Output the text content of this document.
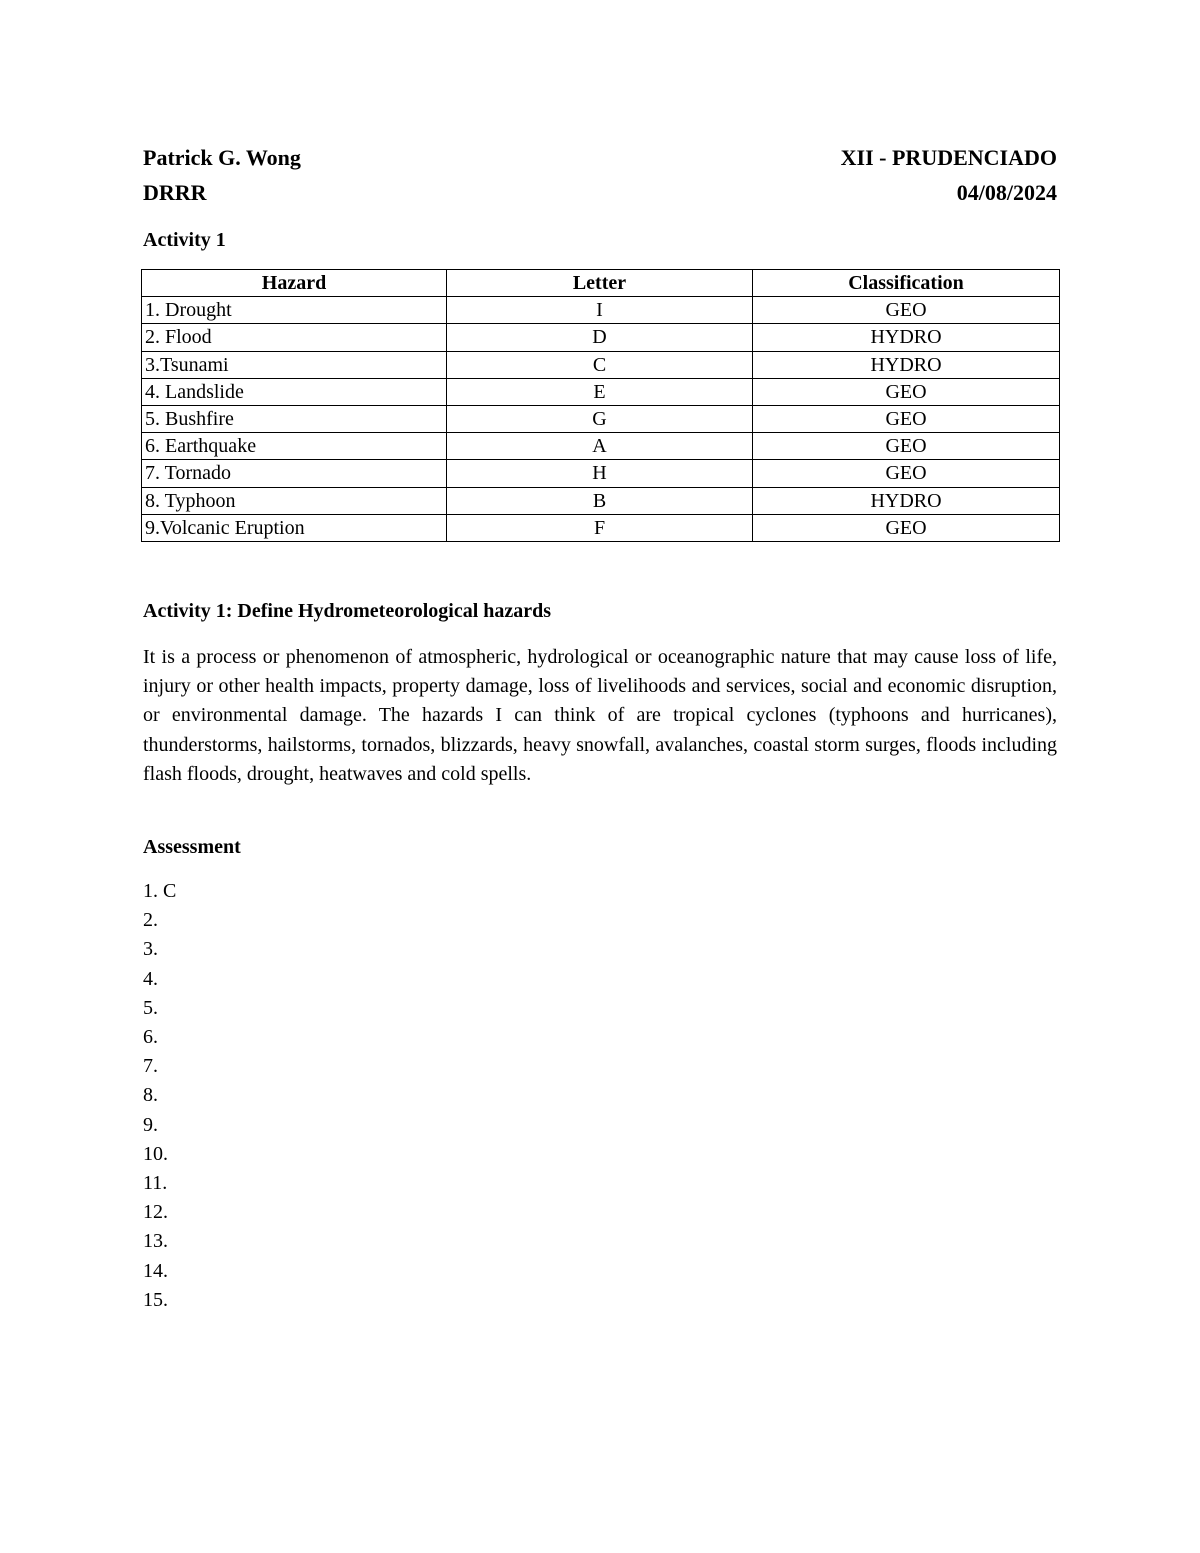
Patrick G. Wong	XII - PRUDENCIADO
DRRR	04/08/2024
Activity 1
Hazard	Letter	Classification
1. Drought	I	GEO
2. Flood	D	HYDRO
3.Tsunami	C	HYDRO
4. Landslide	E	GEO
5. Bushfire	G	GEO
6. Earthquake	A	GEO
7. Tornado	H	GEO
8. Typhoon	B	HYDRO
9.Volcanic Eruption	F	GEO
Activity 1: Define Hydrometeorological hazards

It is a process or phenomenon of atmospheric, hydrological or oceanographic nature that may cause loss of life, injury or other health impacts, property damage, loss of livelihoods and services, social and economic disruption, or environmental damage. The hazards I can think of are tropical cyclones (typhoons and hurricanes), thunderstorms, hailstorms, tornados, blizzards, heavy snowfall, avalanches, coastal storm surges, floods including flash floods, drought, heatwaves and cold spells.

Assessment
1. C
2.
3.
4.
5.
6.
7.
8.
9.
10.
11.
12.
13.
14.
15.
